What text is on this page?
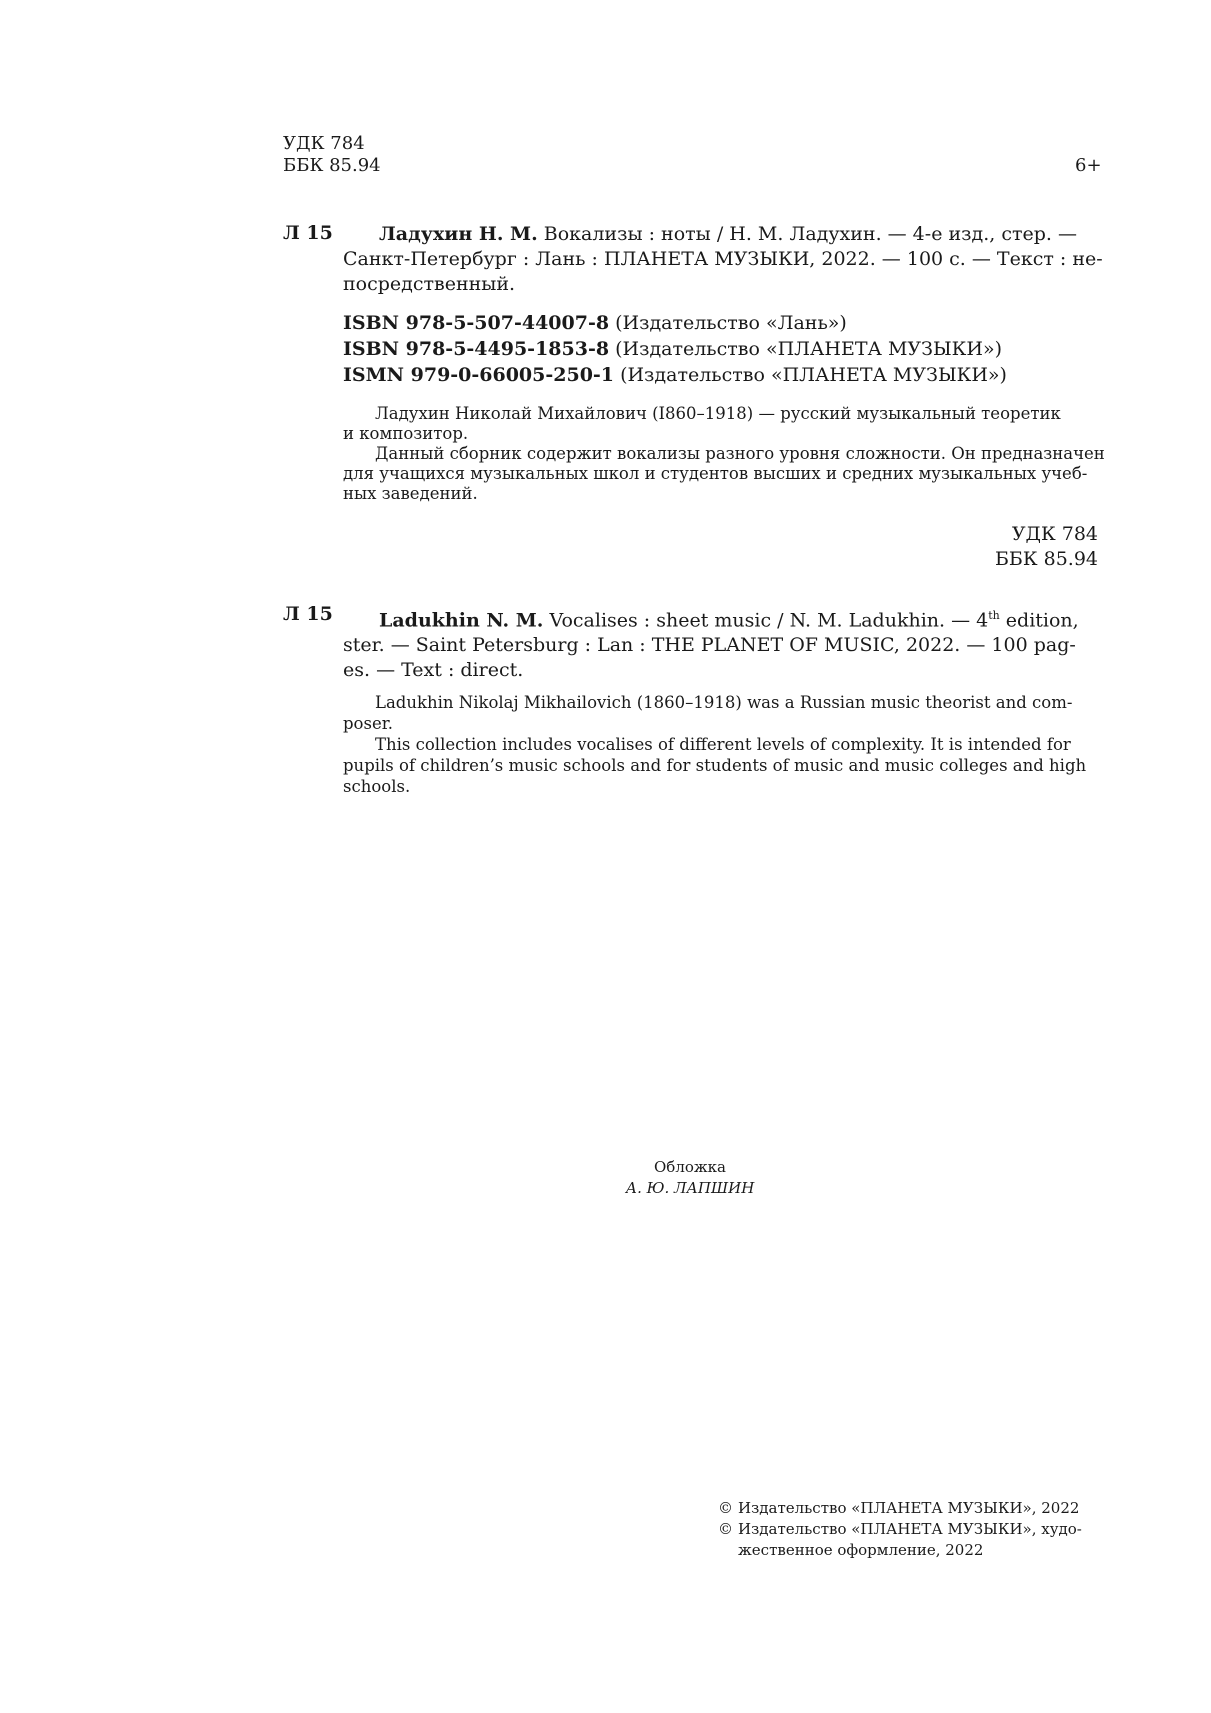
УДК 784
ББК 85.94	6+
Л 15	Ладухин Н. М. Вокализы : ноты / Н. М. Ладухин. — 4-е изд., стер. —
Санкт-Петербург : Лань : ПЛАНЕТА МУЗЫКИ, 2022. — 100 с. — Текст : не-
посредственный.
ISBN 978-5-507-44007-8 (Издательство «Лань»)
ISBN 978-5-4495-1853-8 (Издательство «ПЛАНЕТА МУЗЫКИ»)
ISMN 979-0-66005-250-1 (Издательство «ПЛАНЕТА МУЗЫКИ»)
Ладухин Николай Михайлович (I860–1918) — русский музыкальный теоретик
и композитор.
Данный сборник содержит вокализы разного уровня сложности. Он предназначен
для учащихся музыкальных школ и студентов высших и средних музыкальных учеб-
ных заведений.
УДК 784
ББК 85.94
Л 15	Ladukhin N. M. Vocalises : sheet music / N. M. Ladukhin. — 4th edition,
ster. — Saint Petersburg : Lan : THE PLANET OF MUSIC, 2022. — 100 pag-
es. — Text : direct.
Ladukhin Nikolaj Mikhailovich (1860–1918) was a Russian music theorist and com-
poser.
This collection includes vocalises of different levels of complexity. It is intended for
pupils of children’s music schools and for students of music and music colleges and high
schools.
Обложка
А. Ю. ЛАПШИН
© Издательство «ПЛАНЕТА МУЗЫКИ», 2022
© Издательство «ПЛАНЕТА МУЗЫКИ», худо-
жественное оформление, 2022
